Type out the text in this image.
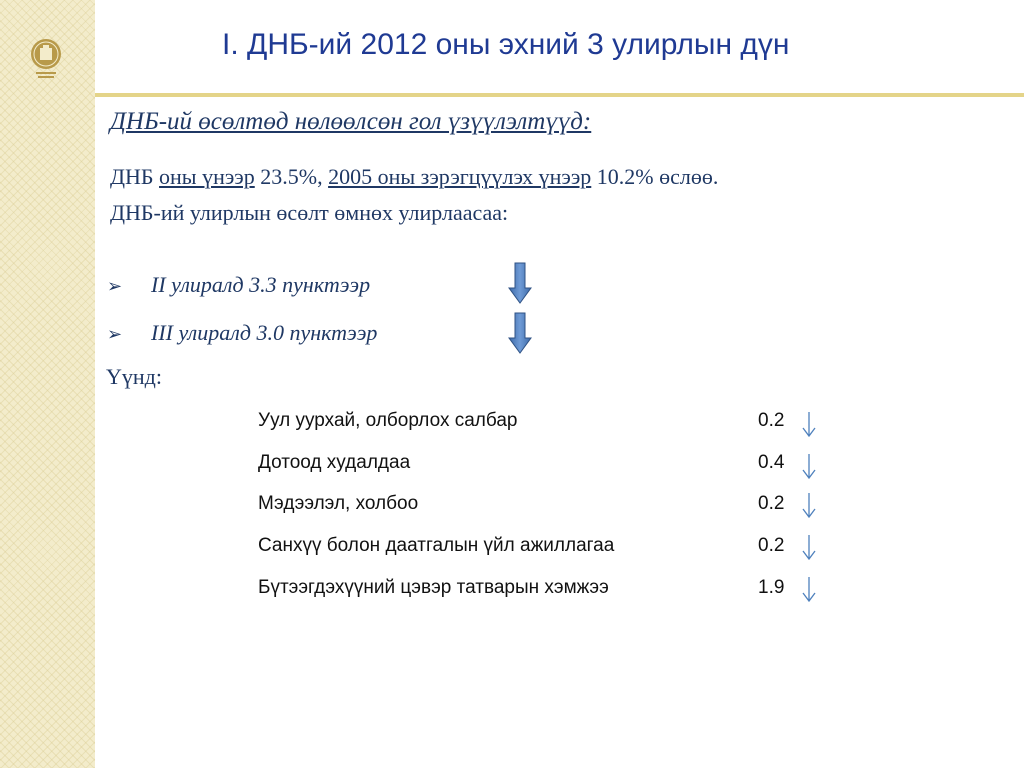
I. ДНБ-ий 2012 оны эхний 3 улирлын дүн
ДНБ-ий өсөлтөд нөлөөлсөн гол үзүүлэлтүүд:
ДНБ оны үнээр 23.5%, 2005 оны зэрэгцүүлэх үнээр 10.2% өслөө.
ДНБ-ий улирлын өсөлт өмнөх улирлаасаа:
➢ II улиралд 3.3 пунктээр
➢ III улиралд 3.0 пунктээр
Үүнд:
Уул уурхай, олборлох салбар	0.2
Дотоод худалдаа	0.4
Мэдээлэл, холбоо	0.2
Санхүү болон даатгалын үйл ажиллагаа	0.2
Бүтээгдэхүүний цэвэр татварын хэмжээ	1.9
